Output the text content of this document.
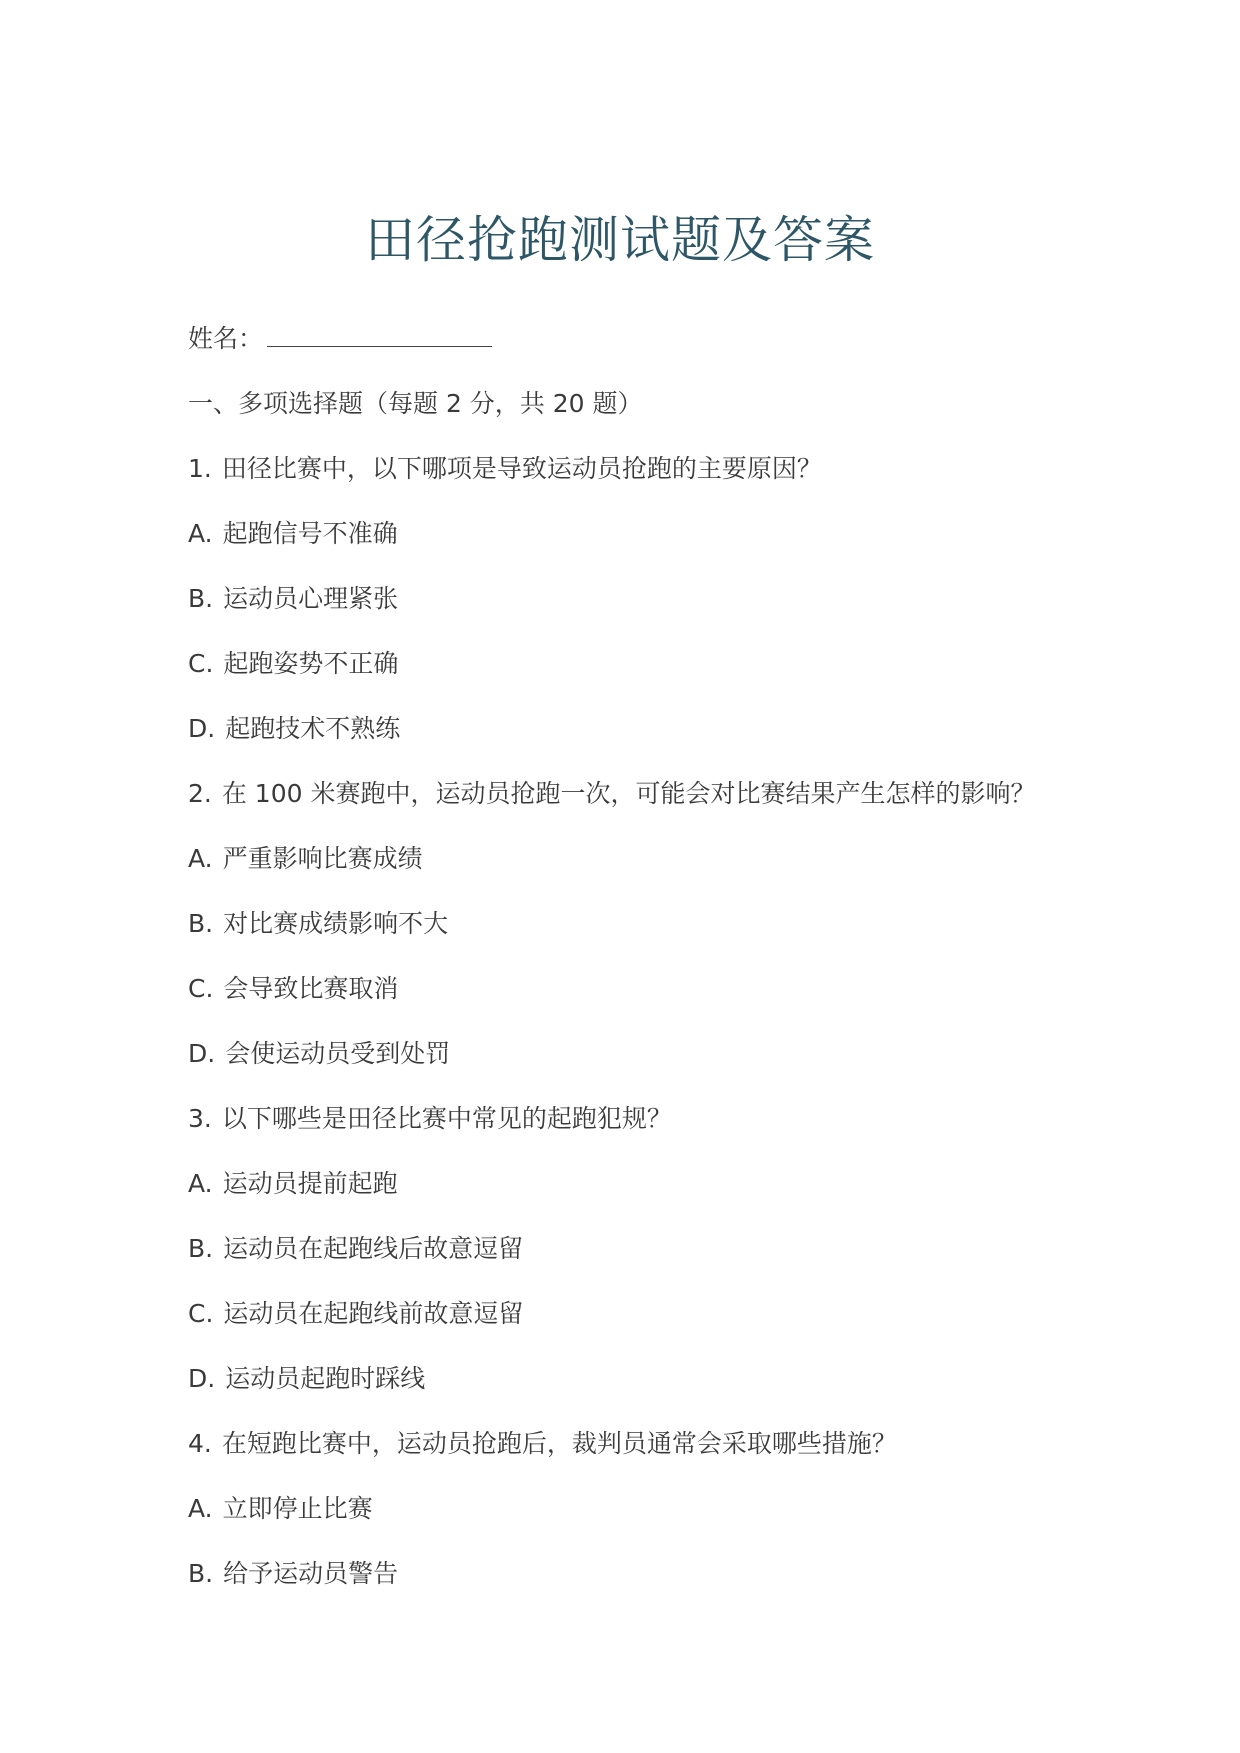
田径抢跑测试题及答案
姓名：
一、多项选择题（每题 2 分，共 20 题）
1. 田径比赛中，以下哪项是导致运动员抢跑的主要原因？
A. 起跑信号不准确
B. 运动员心理紧张
C. 起跑姿势不正确
D. 起跑技术不熟练
2. 在 100 米赛跑中，运动员抢跑一次，可能会对比赛结果产生怎样的影响？
A. 严重影响比赛成绩
B. 对比赛成绩影响不大
C. 会导致比赛取消
D. 会使运动员受到处罚
3. 以下哪些是田径比赛中常见的起跑犯规？
A. 运动员提前起跑
B. 运动员在起跑线后故意逗留
C. 运动员在起跑线前故意逗留
D. 运动员起跑时踩线
4. 在短跑比赛中，运动员抢跑后，裁判员通常会采取哪些措施？
A. 立即停止比赛
B. 给予运动员警告
